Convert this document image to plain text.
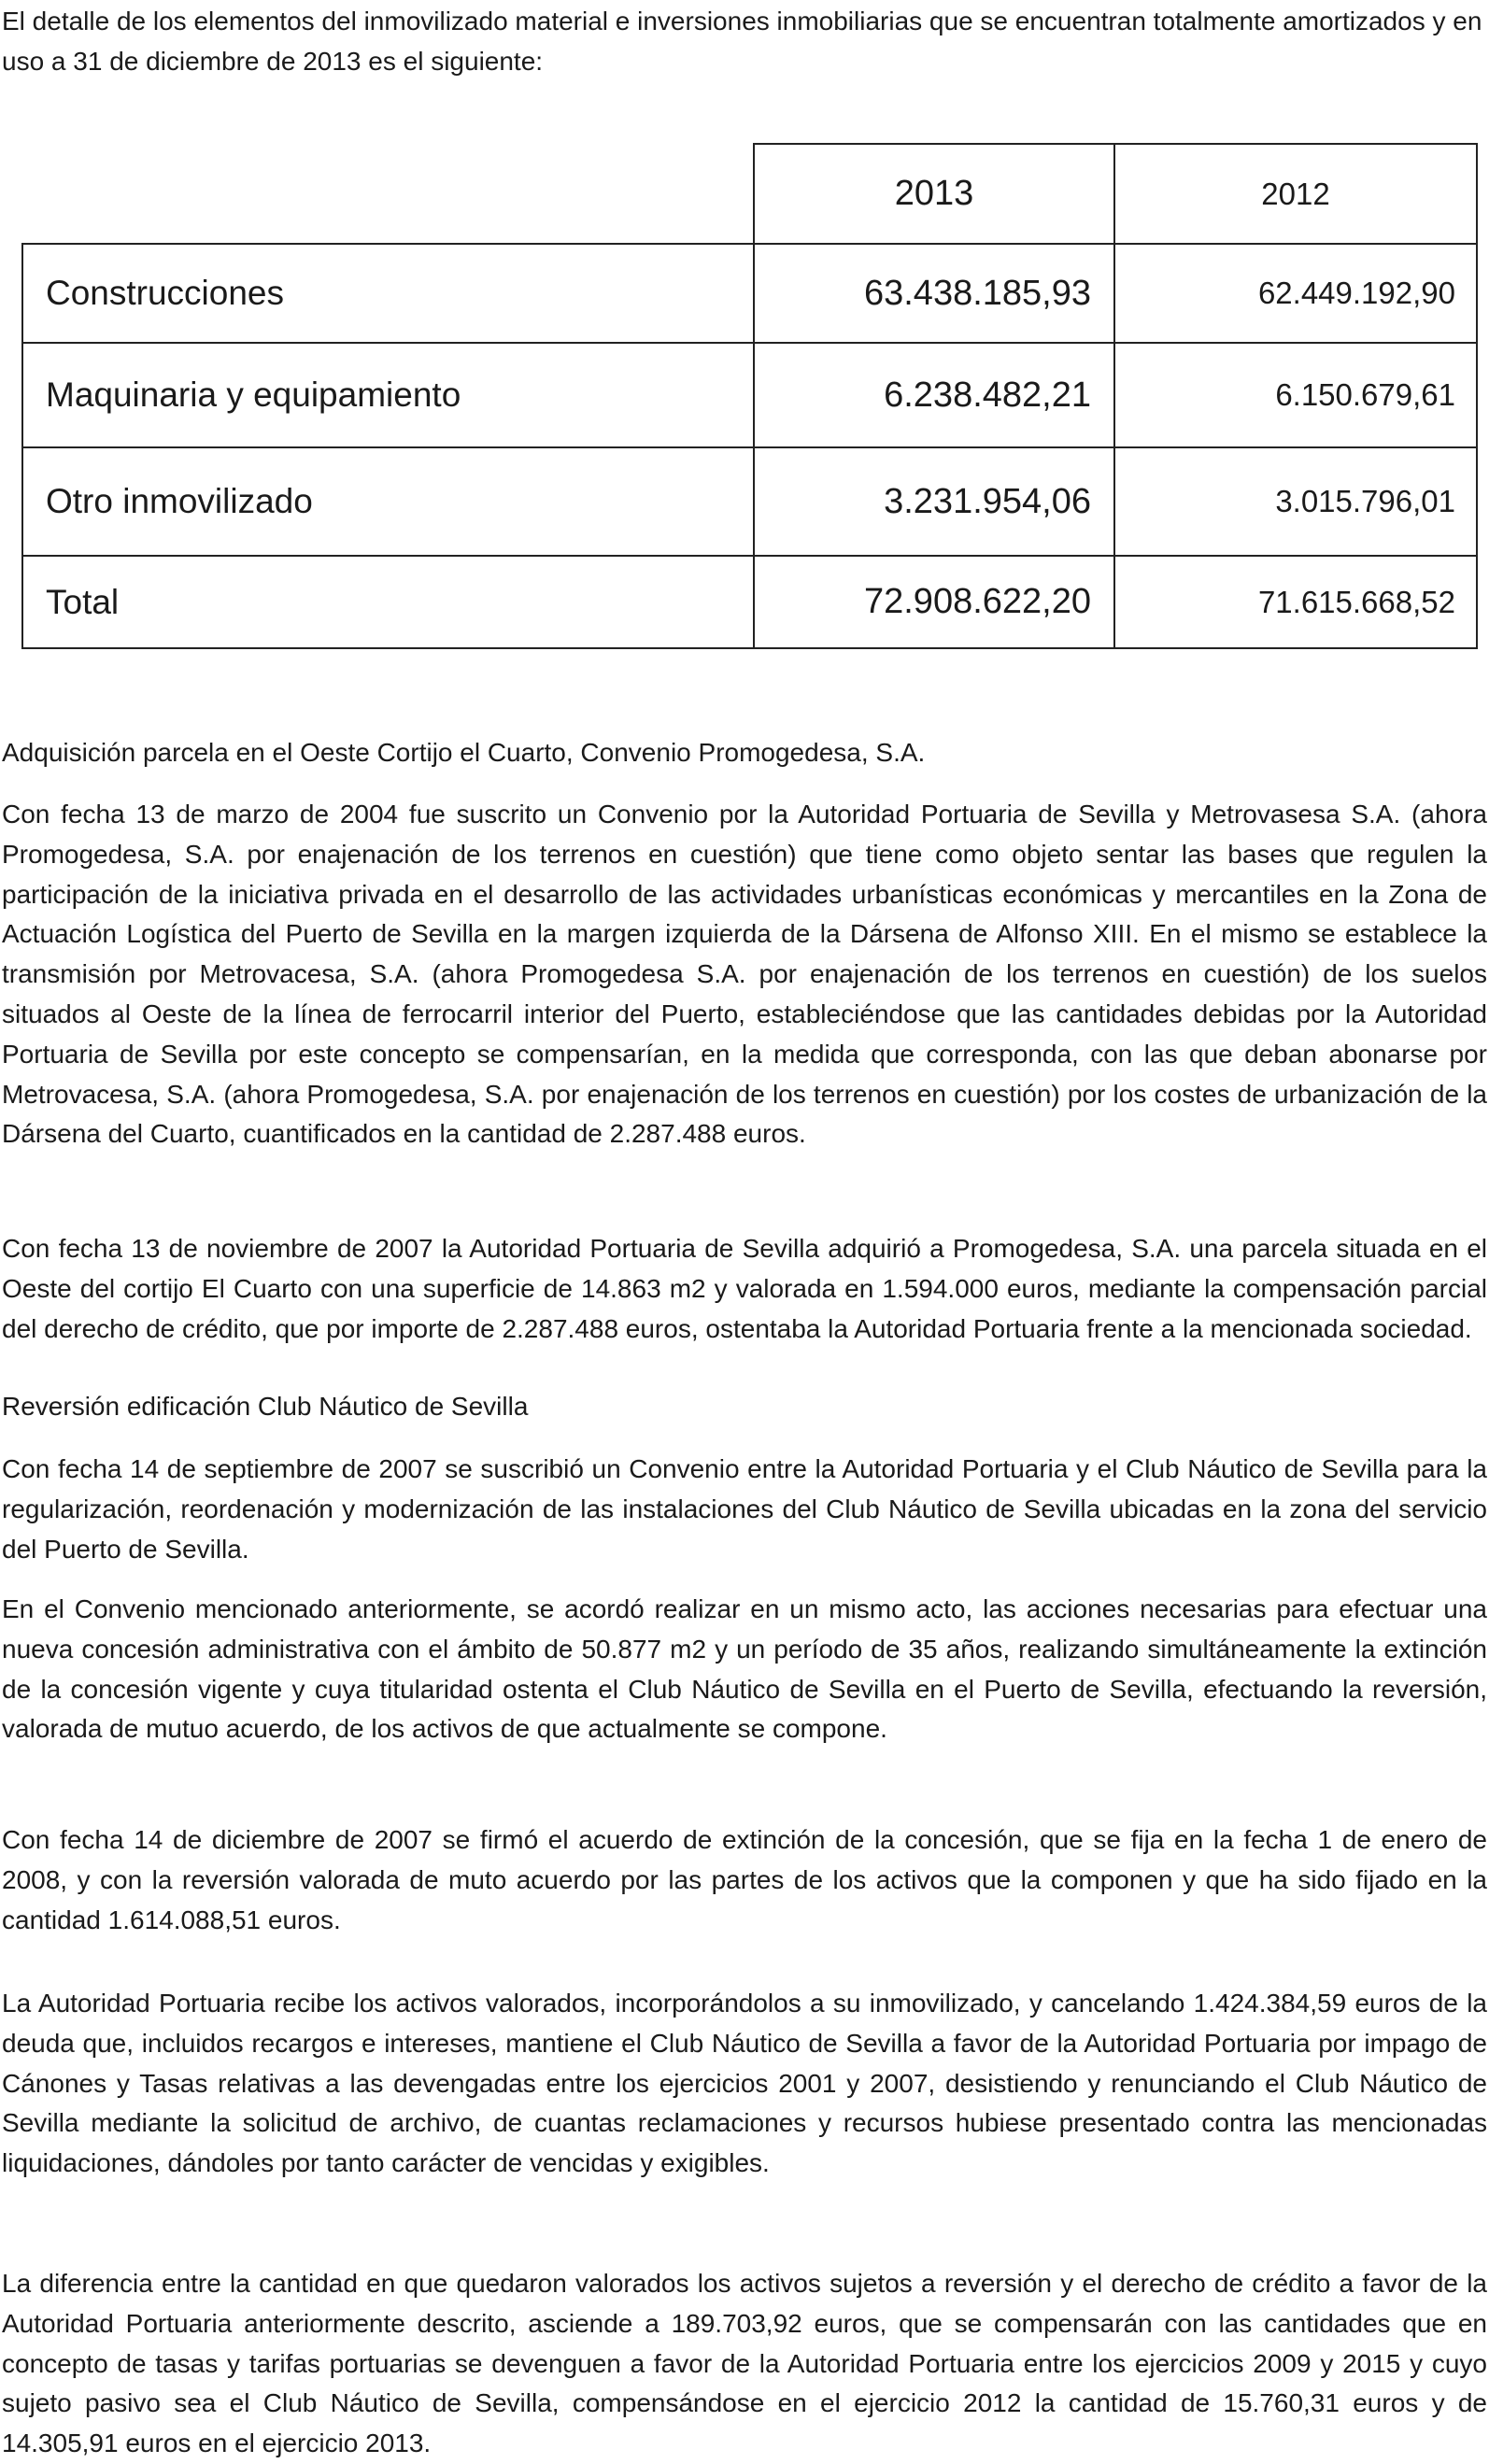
El detalle de los elementos del inmovilizado material e inversiones inmobiliarias que se encuentran totalmente amortizados y en uso a 31 de diciembre de 2013 es el siguiente:

	2013	2012
Construcciones	63.438.185,93	62.449.192,90
Maquinaria y equipamiento	6.238.482,21	6.150.679,61
Otro inmovilizado	3.231.954,06	3.015.796,01
Total	72.908.622,20	71.615.668,52

Adquisición parcela en el Oeste Cortijo el Cuarto, Convenio Promogedesa, S.A.

Con fecha 13 de marzo de 2004 fue suscrito un Convenio por la Autoridad Portuaria de Sevilla y Metrovasesa S.A. (ahora Promogedesa, S.A. por enajenación de los terrenos en cuestión) que tiene como objeto sentar las bases que regulen la participación de la iniciativa privada en el desarrollo de las actividades urbanísticas económicas y mercantiles en la Zona de Actuación Logística del Puerto de Sevilla en la margen izquierda de la Dársena de Alfonso XIII. En el mismo se establece la transmisión por Metrovacesa, S.A. (ahora Promogedesa S.A. por enajenación de los terrenos en cuestión) de los suelos situados al Oeste de la línea de ferrocarril interior del Puerto, estableciéndose que las cantidades debidas por la Autoridad Portuaria de Sevilla por este concepto se compensarían, en la medida que corresponda, con las que deban abonarse por Metrovacesa, S.A. (ahora Promogedesa, S.A. por enajenación de los terrenos en cuestión) por los costes de urbanización de la Dársena del Cuarto, cuantificados en la cantidad de 2.287.488 euros.

Con fecha 13 de noviembre de 2007 la Autoridad Portuaria de Sevilla adquirió a Promogedesa, S.A. una parcela situada en el Oeste del cortijo El Cuarto con una superficie de 14.863 m2 y valorada en 1.594.000 euros, mediante la compensación parcial del derecho de crédito, que por importe de 2.287.488 euros, ostentaba la Autoridad Portuaria frente a la mencionada sociedad.

Reversión edificación Club Náutico de Sevilla

Con fecha 14 de septiembre de 2007 se suscribió un Convenio entre la Autoridad Portuaria y el Club Náutico de Sevilla para la regularización, reordenación y modernización de las instalaciones del Club Náutico de Sevilla ubicadas en la zona del servicio del Puerto de Sevilla.

En el Convenio mencionado anteriormente, se acordó realizar en un mismo acto, las acciones necesarias para efectuar una nueva concesión administrativa con el ámbito de 50.877 m2 y un período de 35 años, realizando simultáneamente la extinción de la concesión vigente y cuya titularidad ostenta el Club Náutico de Sevilla en el Puerto de Sevilla, efectuando la reversión, valorada de mutuo acuerdo, de los activos de que actualmente se compone.

Con fecha 14 de diciembre de 2007 se firmó el acuerdo de extinción de la concesión, que se fija en la fecha 1 de enero de 2008, y con la reversión valorada de muto acuerdo por las partes de los activos que la componen y que ha sido fijado en la cantidad 1.614.088,51 euros.

La Autoridad Portuaria recibe los activos valorados, incorporándolos a su inmovilizado, y cancelando 1.424.384,59 euros de la deuda que, incluidos recargos e intereses, mantiene el Club Náutico de Sevilla a favor de la Autoridad Portuaria por impago de Cánones y Tasas relativas a las devengadas entre los ejercicios 2001 y 2007, desistiendo y renunciando el Club Náutico de Sevilla mediante la solicitud de archivo, de cuantas reclamaciones y recursos hubiese presentado contra las mencionadas liquidaciones, dándoles por tanto carácter de vencidas y exigibles.

La diferencia entre la cantidad en que quedaron valorados los activos sujetos a reversión y el derecho de crédito a favor de la Autoridad Portuaria anteriormente descrito, asciende a 189.703,92 euros, que se compensarán con las cantidades que en concepto de tasas y tarifas portuarias se devenguen a favor de la Autoridad Portuaria entre los ejercicios 2009 y 2015 y cuyo sujeto pasivo sea el Club Náutico de Sevilla, compensándose en el ejercicio 2012 la cantidad de 15.760,31 euros y de 14.305,91 euros en el ejercicio 2013.
